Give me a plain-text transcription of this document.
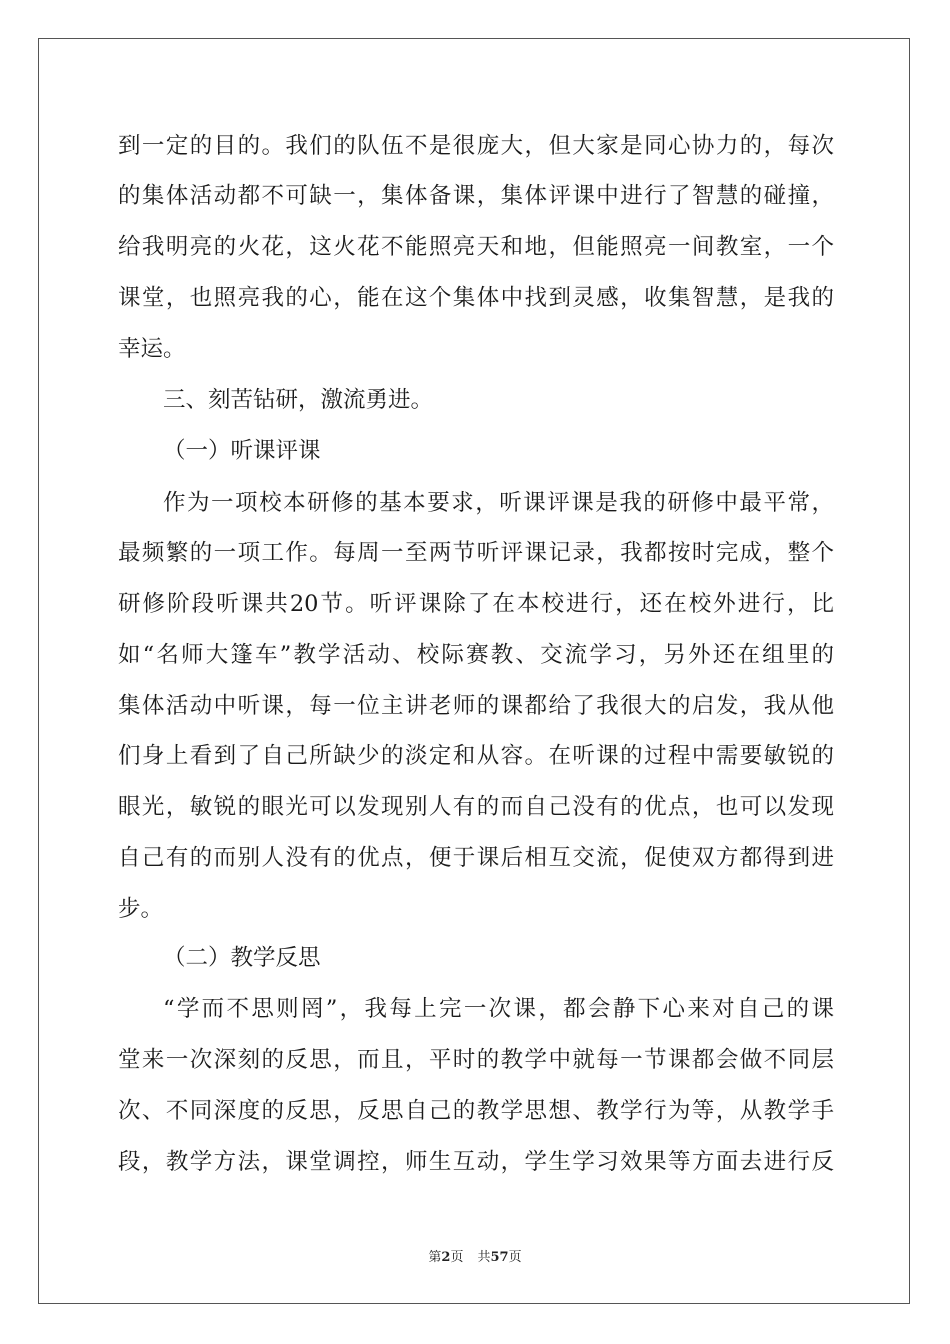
到一定的目的。我们的队伍不是很庞大，但大家是同心协力的，每次
的集体活动都不可缺一，集体备课，集体评课中进行了智慧的碰撞，
给我明亮的火花，这火花不能照亮天和地，但能照亮一间教室，一个
课堂，也照亮我的心，能在这个集体中找到灵感，收集智慧，是我的
幸运。
三、刻苦钻研，激流勇进。
（一）听课评课
作为一项校本研修的基本要求，听课评课是我的研修中最平常，
最频繁的一项工作。每周一至两节听评课记录，我都按时完成，整个
研修阶段听课共20节。听评课除了在本校进行，还在校外进行，比
如“名师大篷车”教学活动、校际赛教、交流学习，另外还在组里的
集体活动中听课，每一位主讲老师的课都给了我很大的启发，我从他
们身上看到了自己所缺少的淡定和从容。在听课的过程中需要敏锐的
眼光，敏锐的眼光可以发现别人有的而自己没有的优点，也可以发现
自己有的而别人没有的优点，便于课后相互交流，促使双方都得到进
步。
（二）教学反思
“学而不思则罔”，我每上完一次课，都会静下心来对自己的课
堂来一次深刻的反思，而且，平时的教学中就每一节课都会做不同层
次、不同深度的反思，反思自己的教学思想、教学行为等，从教学手
段，教学方法，课堂调控，师生互动，学生学习效果等方面去进行反
第2页 共57页
